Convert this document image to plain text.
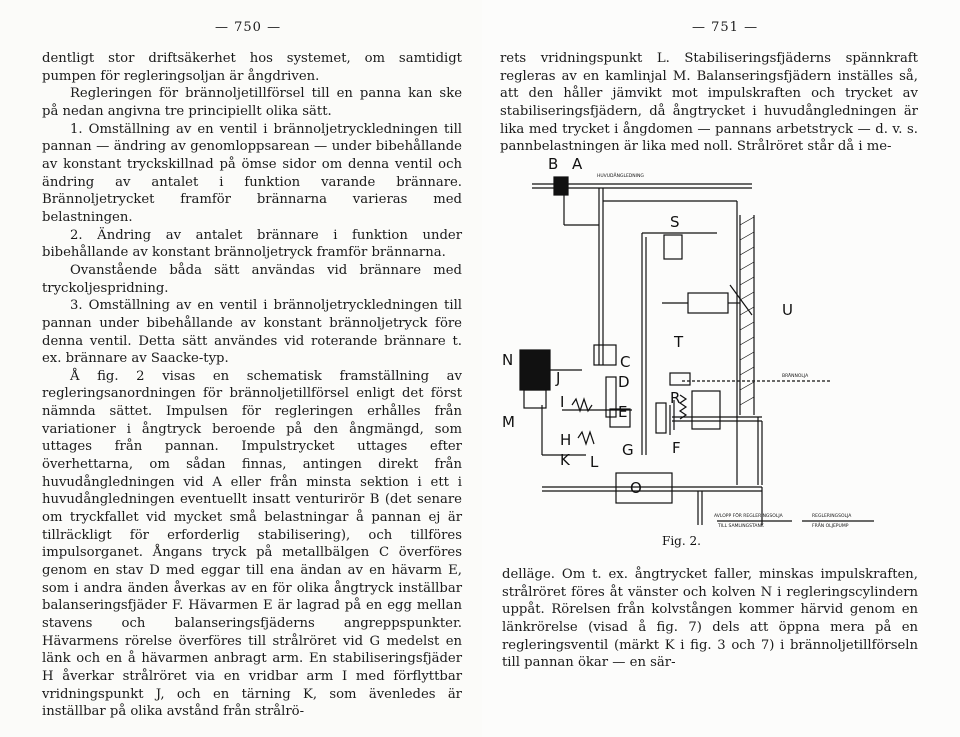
— 750 —

dentligt stor driftsäkerhet hos systemet, om samtidigt pumpen för regleringsoljan är ångdriven.

Regleringen för brännoljetillförsel till en panna kan ske på nedan angivna tre principiellt olika sätt.

1. Omställning av en ventil i brännoljetryckledningen till pannan — ändring av genomloppsarean — under bibehållande av konstant tryckskillnad på ömse sidor om denna ventil och ändring av antalet i funktion varande brännare. Brännoljetrycket framför brännarna varieras med belastningen.

2. Ändring av antalet brännare i funktion under bibehållande av konstant brännoljetryck framför brännarna.

Ovanstående båda sätt användas vid brännare med tryckoljespridning.

3. Omställning av en ventil i brännoljetryckledningen till pannan under bibehållande av konstant brännoljetryck före denna ventil. Detta sätt användes vid roterande brännare t. ex. brännare av Saacke-typ.

Å fig. 2 visas en schematisk framställning av regleringsanordningen för brännoljetillförsel enligt det först nämnda sättet. Impulsen för regleringen erhålles från variationer i ångtryck beroende på den ångmängd, som uttages från pannan. Impulstrycket uttages efter överhettarna, om sådan finnas, antingen direkt från huvudångledningen vid A eller från minsta sektion i ett i huvudångledningen eventuellt insatt venturirör B (det senare om tryckfallet vid mycket små belastningar å pannan ej är tillräckligt för erforderlig stabilisering), och tillföres impulsorganet. Ångans tryck på metallbälgen C överföres genom en stav D med eggar till ena ändan av en hävarm E, som i andra änden åverkas av en för olika ångtryck inställbar balanseringsfjäder F. Hävarmen E är lagrad på en egg mellan stavens och balanseringsfjäderns angreppspunkter. Hävarmens rörelse överföres till strålröret vid G medelst en länk och en å hävarmen anbragt arm. En stabiliseringsfjäder H åverkar strålröret via en vridbar arm I med förflyttbar vridningspunkt J, och en tärning K, som ävenledes är inställbar på olika avstånd från strålrö-

— 751 —

rets vridningspunkt L. Stabiliseringsfjäderns spännkraft regleras av en kamlinjal M. Balanseringsfjädern inställes så, att den håller jämvikt mot impulskraften och trycket av stabiliseringsfjädern, då ångtrycket i huvudångledningen är lika med trycket i ångdomen — pannans arbetstryck — d. v. s. pannbelastningen är lika med noll. Strålröret står då i me-

B A
HUVUDÅNGLEDNING
S
U
N	C
J	D
I
E
M
H
G	F
K L
R
O
T
BRÄNNOLJA
AVLOPP FÖR REGLERINGSOLJA
TILL SAMLINGSTANK
REGLERINGSOLJA
FRÅN OLJEPUMP
Fig. 2.

delläge. Om t. ex. ångtrycket faller, minskas impulskraften, strålröret föres åt vänster och kolven N i regleringscylindern uppåt. Rörelsen från kolvstången kommer härvid genom en länkrörelse (visad å fig. 7) dels att öppna mera på en regleringsventil (märkt K i fig. 3 och 7) i brännoljetillförseln till pannan ökar — en sär-
